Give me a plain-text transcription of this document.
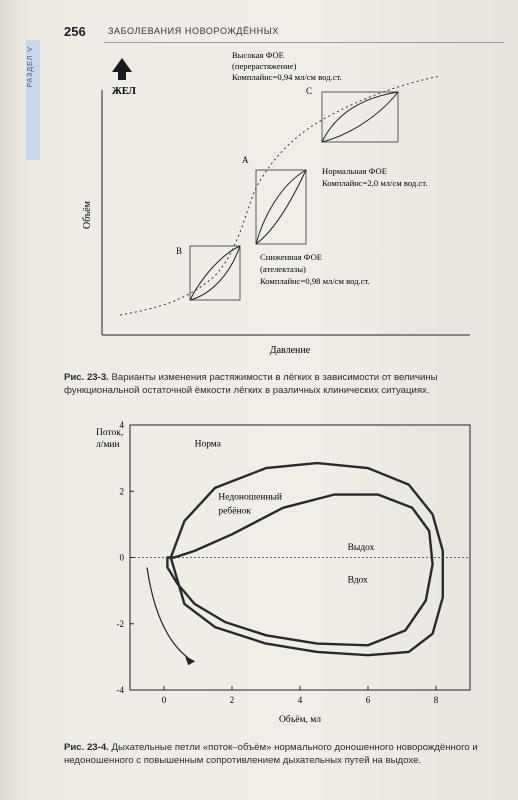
РАЗДЕЛ V
256 ЗАБОЛЕВАНИЯ НОВОРОЖДЁННЫХ
ЖЕЛ
Объём
Давление
B
A
C
Высокая ФОЕ
(перерастяжение)
Комплайнс=0,94 мл/см вод.ст.
Нормальная ФОЕ
Комплайнс=2,0 мл/см вод.ст.
Сниженная ФОЕ
(ателектазы)
Комплайнс=0,98 мл/см вод.ст.
Рис. 23-3. Варианты изменения растяжимости в лёгких в зависимости от величины функциональной остаточной ёмкости лёгких в различных клинических ситуациях.
-4
-2
0
2
4
0	2	4	6	8
Поток,
л/мин
Объём, мл
Норма
Недоношенный
ребёнок
Выдох
Вдох
Рис. 23-4. Дыхательные петли «поток–объём» нормального доношенного новорождённого и недоношенного с повышенным сопротивлением дыхательных путей на выдохе.
